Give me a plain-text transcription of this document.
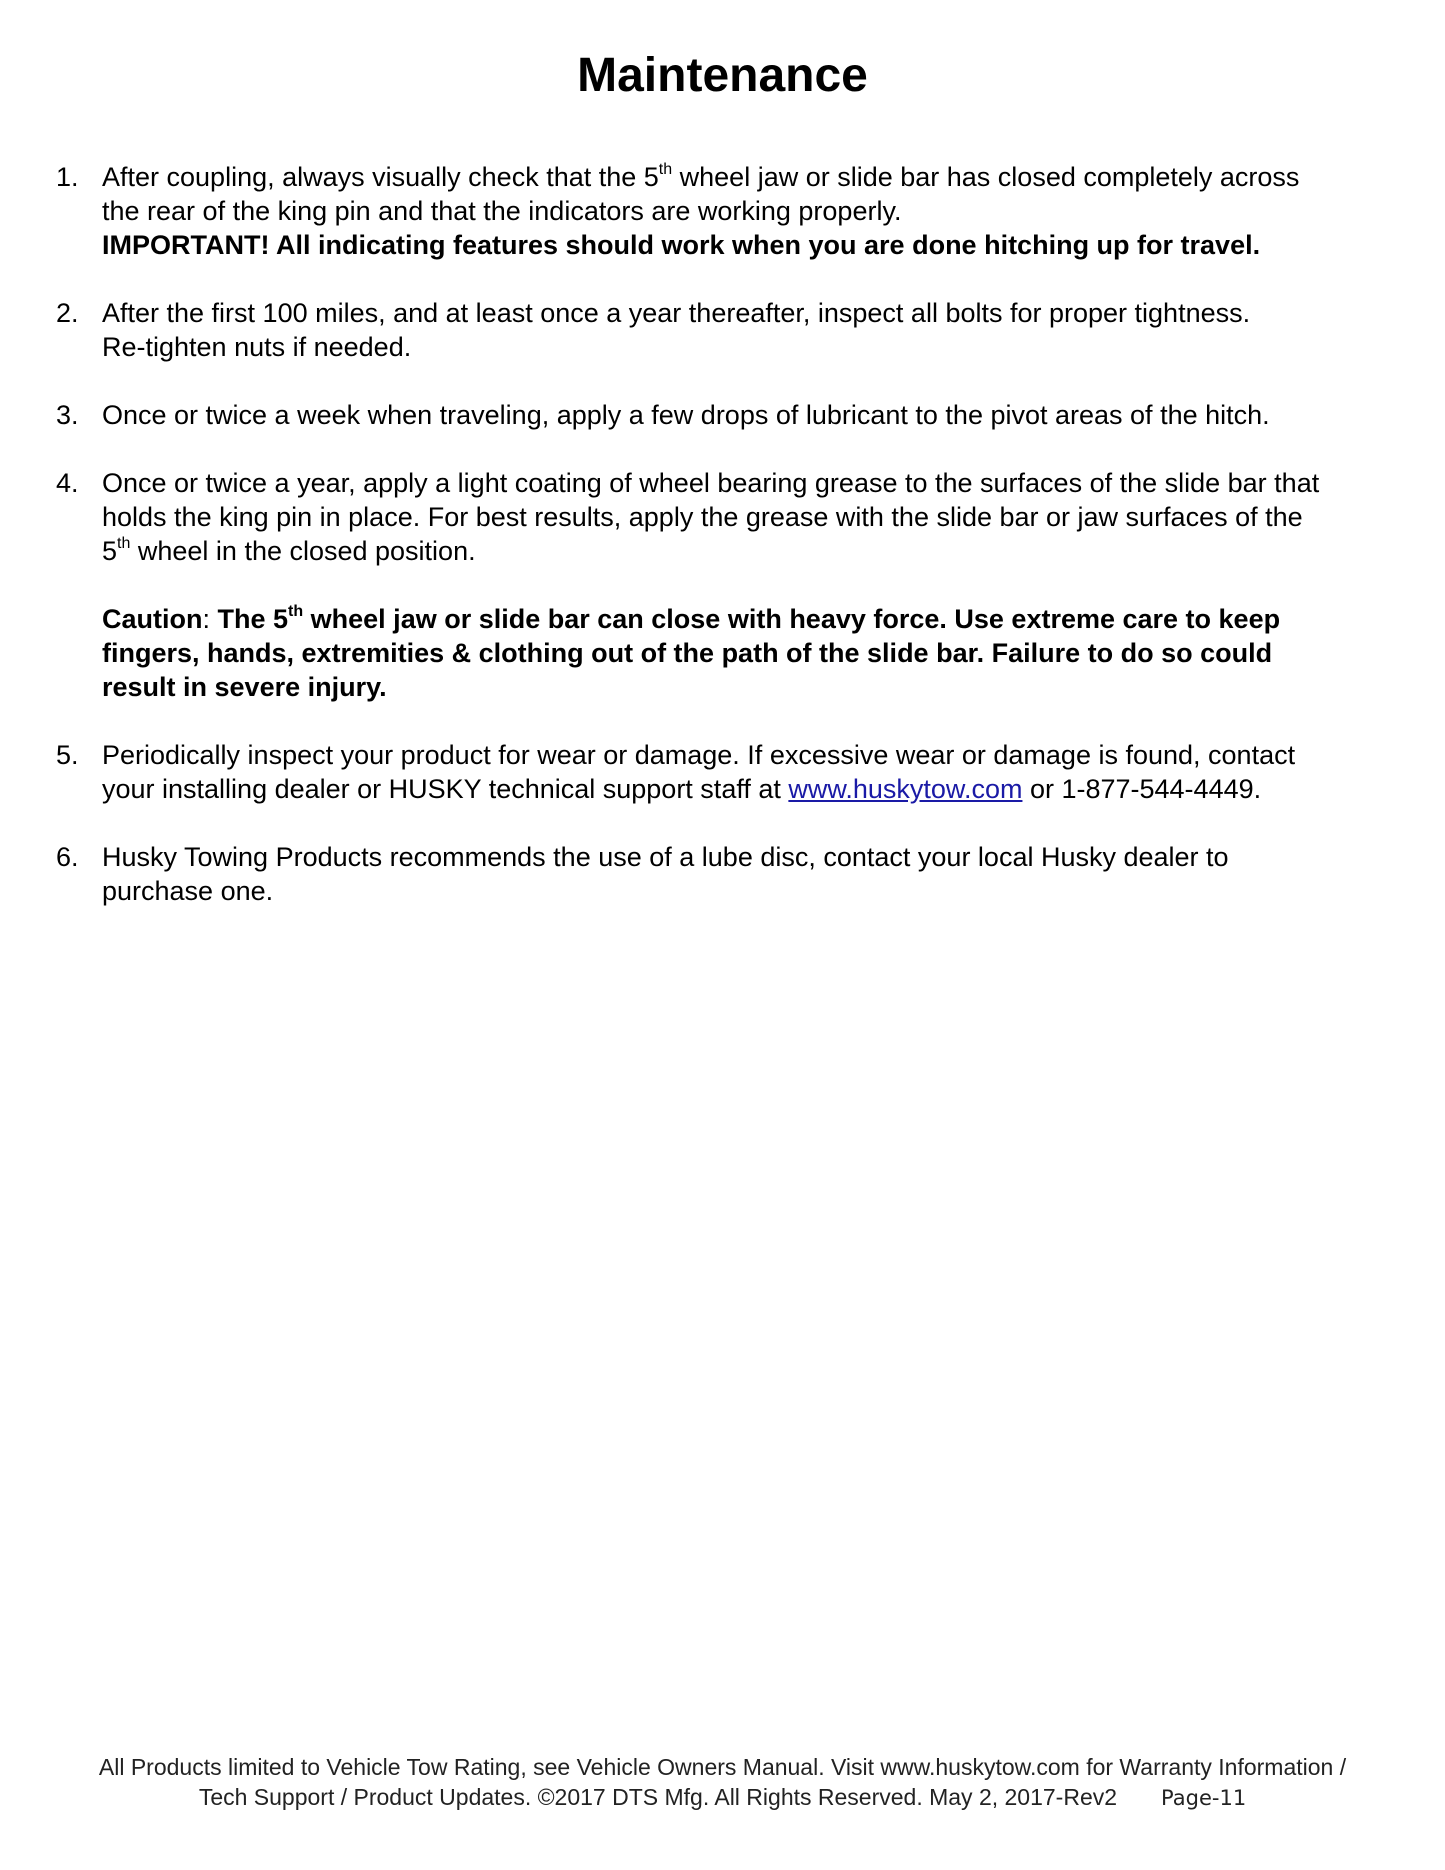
Maintenance
1. After coupling, always visually check that the 5th wheel jaw or slide bar has closed completely across
the rear of the king pin and that the indicators are working properly.
IMPORTANT! All indicating features should work when you are done hitching up for travel.
2. After the first 100 miles, and at least once a year thereafter, inspect all bolts for proper tightness.
Re-tighten nuts if needed.
3. Once or twice a week when traveling, apply a few drops of lubricant to the pivot areas of the hitch.
4. Once or twice a year, apply a light coating of wheel bearing grease to the surfaces of the slide bar that
holds the king pin in place. For best results, apply the grease with the slide bar or jaw surfaces of the
5th wheel in the closed position.
Caution: The 5th wheel jaw or slide bar can close with heavy force. Use extreme care to keep
fingers, hands, extremities & clothing out of the path of the slide bar. Failure to do so could
result in severe injury.
5. Periodically inspect your product for wear or damage. If excessive wear or damage is found, contact
your installing dealer or HUSKY technical support staff at www.huskytow.com or 1-877-544-4449.
6. Husky Towing Products recommends the use of a lube disc, contact your local Husky dealer to
purchase one.
All Products limited to Vehicle Tow Rating, see Vehicle Owners Manual. Visit www.huskytow.com for Warranty Information /
Tech Support / Product Updates. ©2017 DTS Mfg. All Rights Reserved. May 2, 2017-Rev2 Page-11
